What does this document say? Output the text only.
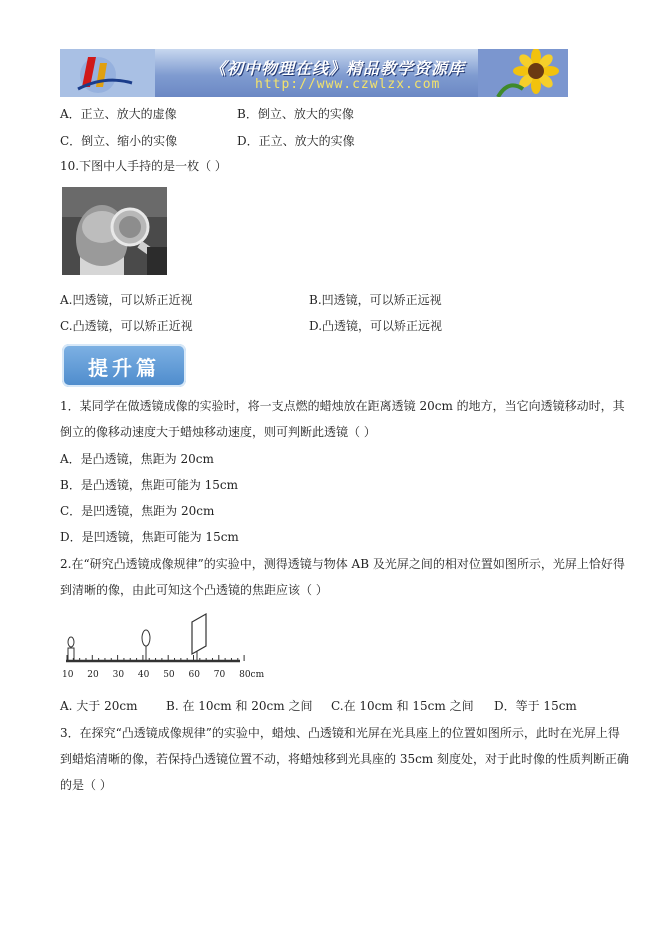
《初中物理在线》精品教学资源库
http://www.czwlzx.com
A．正立、放大的虚像	B．倒立、放大的实像
C．倒立、缩小的实像	D．正立、放大的实像
10.下图中人手持的是一枚（ ）
A.凹透镜，可以矫正近视	B.凹透镜，可以矫正远视
C.凸透镜，可以矫正近视	D.凸透镜，可以矫正远视
提升篇
1．某同学在做透镜成像的实验时，将一支点燃的蜡烛放在距离透镜 20cm 的地方，当它向透镜移动时，其
倒立的像移动速度大于蜡烛移动速度，则可判断此透镜（ ）
A．是凸透镜，焦距为 20cm
B．是凸透镜，焦距可能为 15cm
C．是凹透镜，焦距为 20cm
D．是凹透镜，焦距可能为 15cm
2.在“研究凸透镜成像规律”的实验中，测得透镜与物体 AB 及光屏之间的相对位置如图所示，光屏上恰好得
到清晰的像，由此可知这个凸透镜的焦距应该（ ）
10 20 30 40 50 60 70 80cm
A. 大于 20cm B. 在 10cm 和 20cm 之间 C.在 10cm 和 15cm 之间 D．等于 15cm
3．在探究“凸透镜成像规律”的实验中，蜡烛、凸透镜和光屏在光具座上的位置如图所示，此时在光屏上得
到蜡焰清晰的像，若保持凸透镜位置不动，将蜡烛移到光具座的 35cm 刻度处，对于此时像的性质判断正确
的是（ ）
